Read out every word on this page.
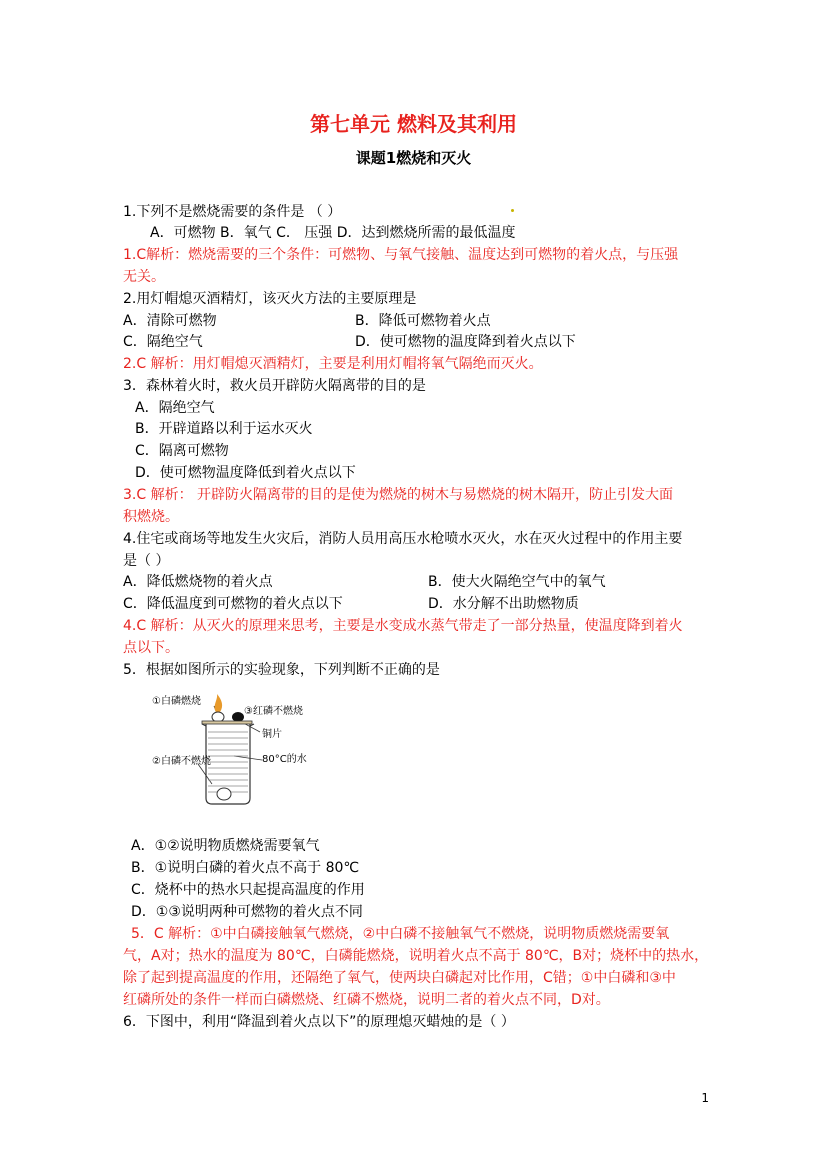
第七单元 燃料及其利用
课题1燃烧和灭火
1.下列不是燃烧需要的条件是 （ ）
A．可燃物 B．氧气 C． 压强 D．达到燃烧所需的最低温度
1.C解析：燃烧需要的三个条件：可燃物、与氧气接触、温度达到可燃物的着火点，与压强
无关。
2.用灯帽熄灭酒精灯，该灭火方法的主要原理是
A．清除可燃物	B．降低可燃物着火点
C．隔绝空气	D．使可燃物的温度降到着火点以下
2.C 解析：用灯帽熄灭酒精灯，主要是利用灯帽将氧气隔绝而灭火。
3．森林着火时，救火员开辟防火隔离带的目的是
A．隔绝空气
B．开辟道路以利于运水灭火
C．隔离可燃物
D．使可燃物温度降低到着火点以下
3.C 解析： 开辟防火隔离带的目的是使为燃烧的树木与易燃烧的树木隔开，防止引发大面
积燃烧。
4.住宅或商场等地发生火灾后，消防人员用高压水枪喷水灭火，水在灭火过程中的作用主要
是（ ）
A．降低燃烧物的着火点	B．使大火隔绝空气中的氧气
C．降低温度到可燃物的着火点以下	D．水分解不出助燃物质
4.C 解析：从灭火的原理来思考，主要是水变成水蒸气带走了一部分热量，使温度降到着火
点以下。
5．根据如图所示的实验现象，下列判断不正确的是
①白磷燃烧
③红磷不燃烧
铜片
②白磷不燃烧	80°C的水
A．①②说明物质燃烧需要氧气
B．①说明白磷的着火点不高于 80℃
C．烧杯中的热水只起提高温度的作用
D．①③说明两种可燃物的着火点不同
5．C 解析：①中白磷接触氧气燃烧，②中白磷不接触氧气不燃烧，说明物质燃烧需要氧
气，A对；热水的温度为 80℃，白磷能燃烧，说明着火点不高于 80℃，B对；烧杯中的热水，
除了起到提高温度的作用，还隔绝了氧气，使两块白磷起对比作用，C错；①中白磷和③中
红磷所处的条件一样而白磷燃烧、红磷不燃烧，说明二者的着火点不同，D对。
6．下图中，利用“降温到着火点以下”的原理熄灭蜡烛的是（ ）
1
